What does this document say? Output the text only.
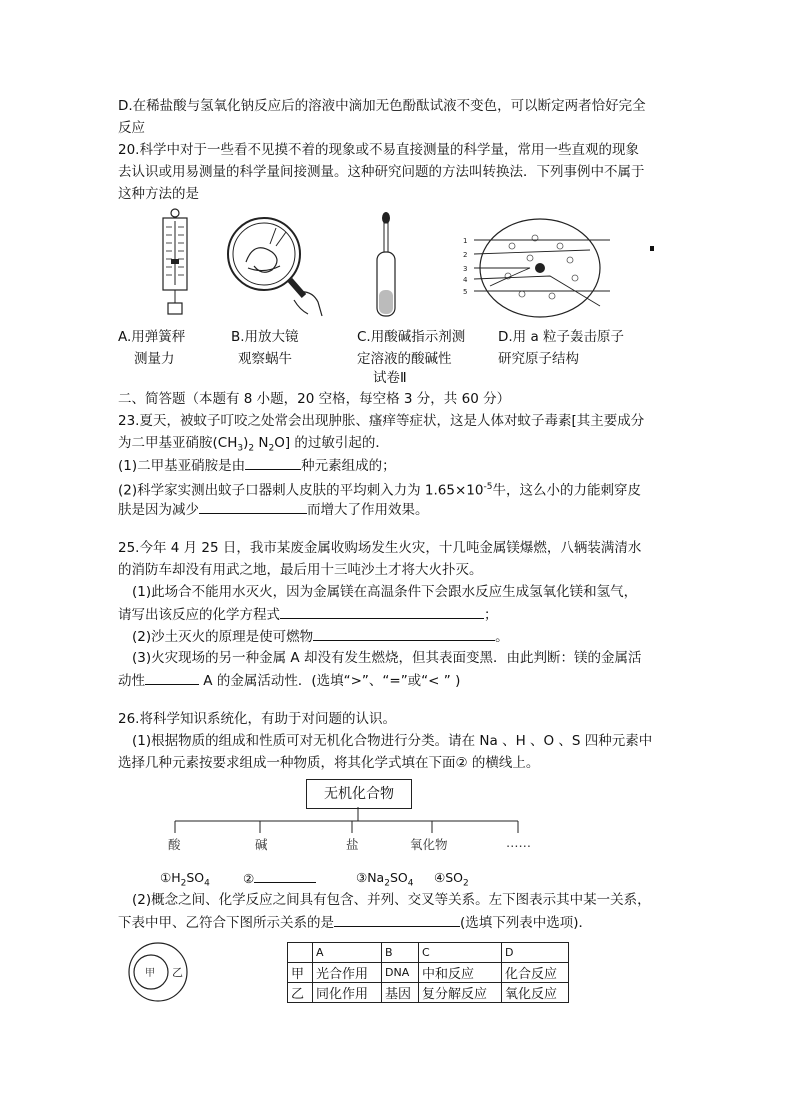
D.在稀盐酸与氢氧化钠反应后的溶液中滴加无色酚酞试液不变色，可以断定两者恰好完全
反应
20.科学中对于一些看不见摸不着的现象或不易直接测量的科学量，常用一些直观的现象
去认识或用易测量的科学量间接测量。这种研究问题的方法叫转换法．下列事例中不属于
这种方法的是
1
2
3
4
5
A.用弹簧秤
测量力
B.用放大镜
观察蜗牛
C.用酸碱指示剂测
定溶液的酸碱性
D.用 a 粒子轰击原子
研究原子结构
试卷Ⅱ
二、简答题（本题有 8 小题，20 空格，每空格 3 分，共 60 分）
23.夏天，被蚊子叮咬之处常会出现肿胀、瘙痒等症状，这是人体对蚊子毒素[其主要成分
为二甲基亚硝胺$(CH_3)_2$ $N_2O$] 的过敏引起的．
(1)二甲基亚硝胺是由	种元素组成的；
(2)科学家实测出蚊子口器刺人皮肤的平均刺入力为 $1.65\times 10^{-5}$牛，这么小的力能刺穿皮
肤是因为减少	而增大了作用效果。
25.今年 4 月 25 日，我市某废金属收购场发生火灾，十几吨金属镁爆燃，八辆装满清水
的消防车却没有用武之地，最后用十三吨沙土才将大火扑灭。
(1)此场合不能用水灭火，因为金属镁在高温条件下会跟水反应生成氢氧化镁和氢气，
请写出该反应的化学方程式	；
(2)沙土灭火的原理是使可燃物	。
(3)火灾现场的另一种金属 A 却没有发生燃烧，但其表面变黑．由此判断：镁的金属活
动性	A 的金属活动性．(选填“>”、“=”或“< ” )
26.将科学知识系统化，有助于对问题的认识。
(1)根据物质的组成和性质可对无机化合物进行分类。请在 Na 、H 、O 、S 四种元素中
选择几种元素按要求组成一种物质，将其化学式填在下面② 的横线上。
无机化合物
酸	碱	盐	氧化物	……
$①H_2SO_4$	②	$③Na_2SO_4$ $④SO_2$
(2)概念之间、化学反应之间具有包含、并列、交叉等关系。左下图表示其中某一关系，
下表中甲、乙符合下图所示关系的是	(选填下列表中选项)．
甲 乙
	A	B	C	D
甲	光合作用	DNA	中和反应	化合反应
乙	同化作用	基因	复分解反应	氧化反应
